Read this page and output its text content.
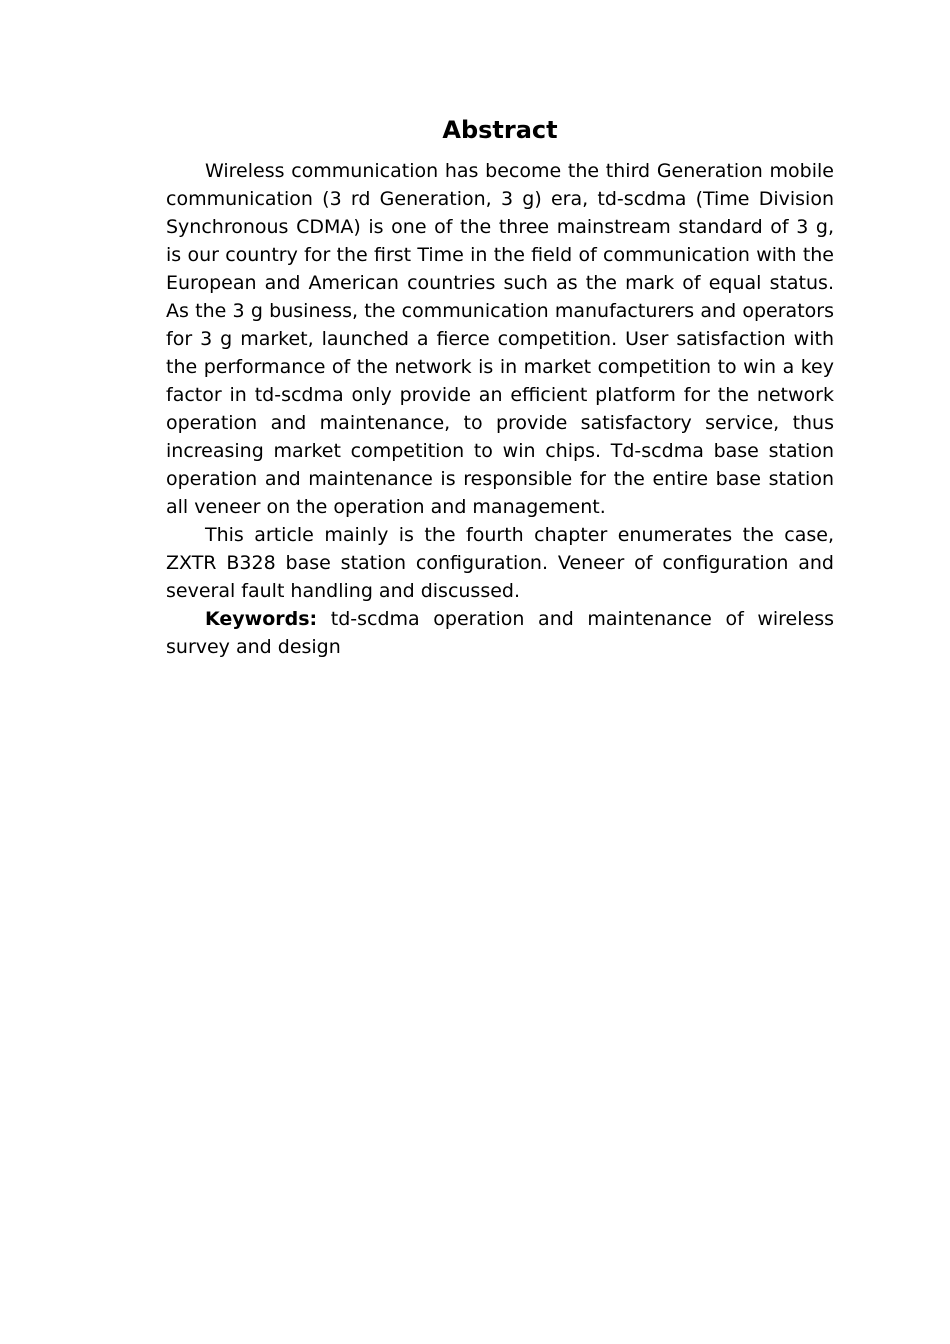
Abstract

Wireless communication has become the third Generation mobile communication (3 rd Generation, 3 g) era, td-scdma (Time Division Synchronous CDMA) is one of the three mainstream standard of 3 g, is our country for the first Time in the field of communication with the European and American countries such as the mark of equal status. As the 3 g business, the communication manufacturers and operators for 3 g market, launched a fierce competition. User satisfaction with the performance of the network is in market competition to win a key factor in td-scdma only provide an efficient platform for the network operation and maintenance, to provide satisfactory service, thus increasing market competition to win chips. Td-scdma base station operation and maintenance is responsible for the entire base station all veneer on the operation and management.

This article mainly is the fourth chapter enumerates the case, ZXTR B328 base station configuration. Veneer of configuration and several fault handling and discussed.

Keywords: td-scdma operation and maintenance of wireless survey and design
